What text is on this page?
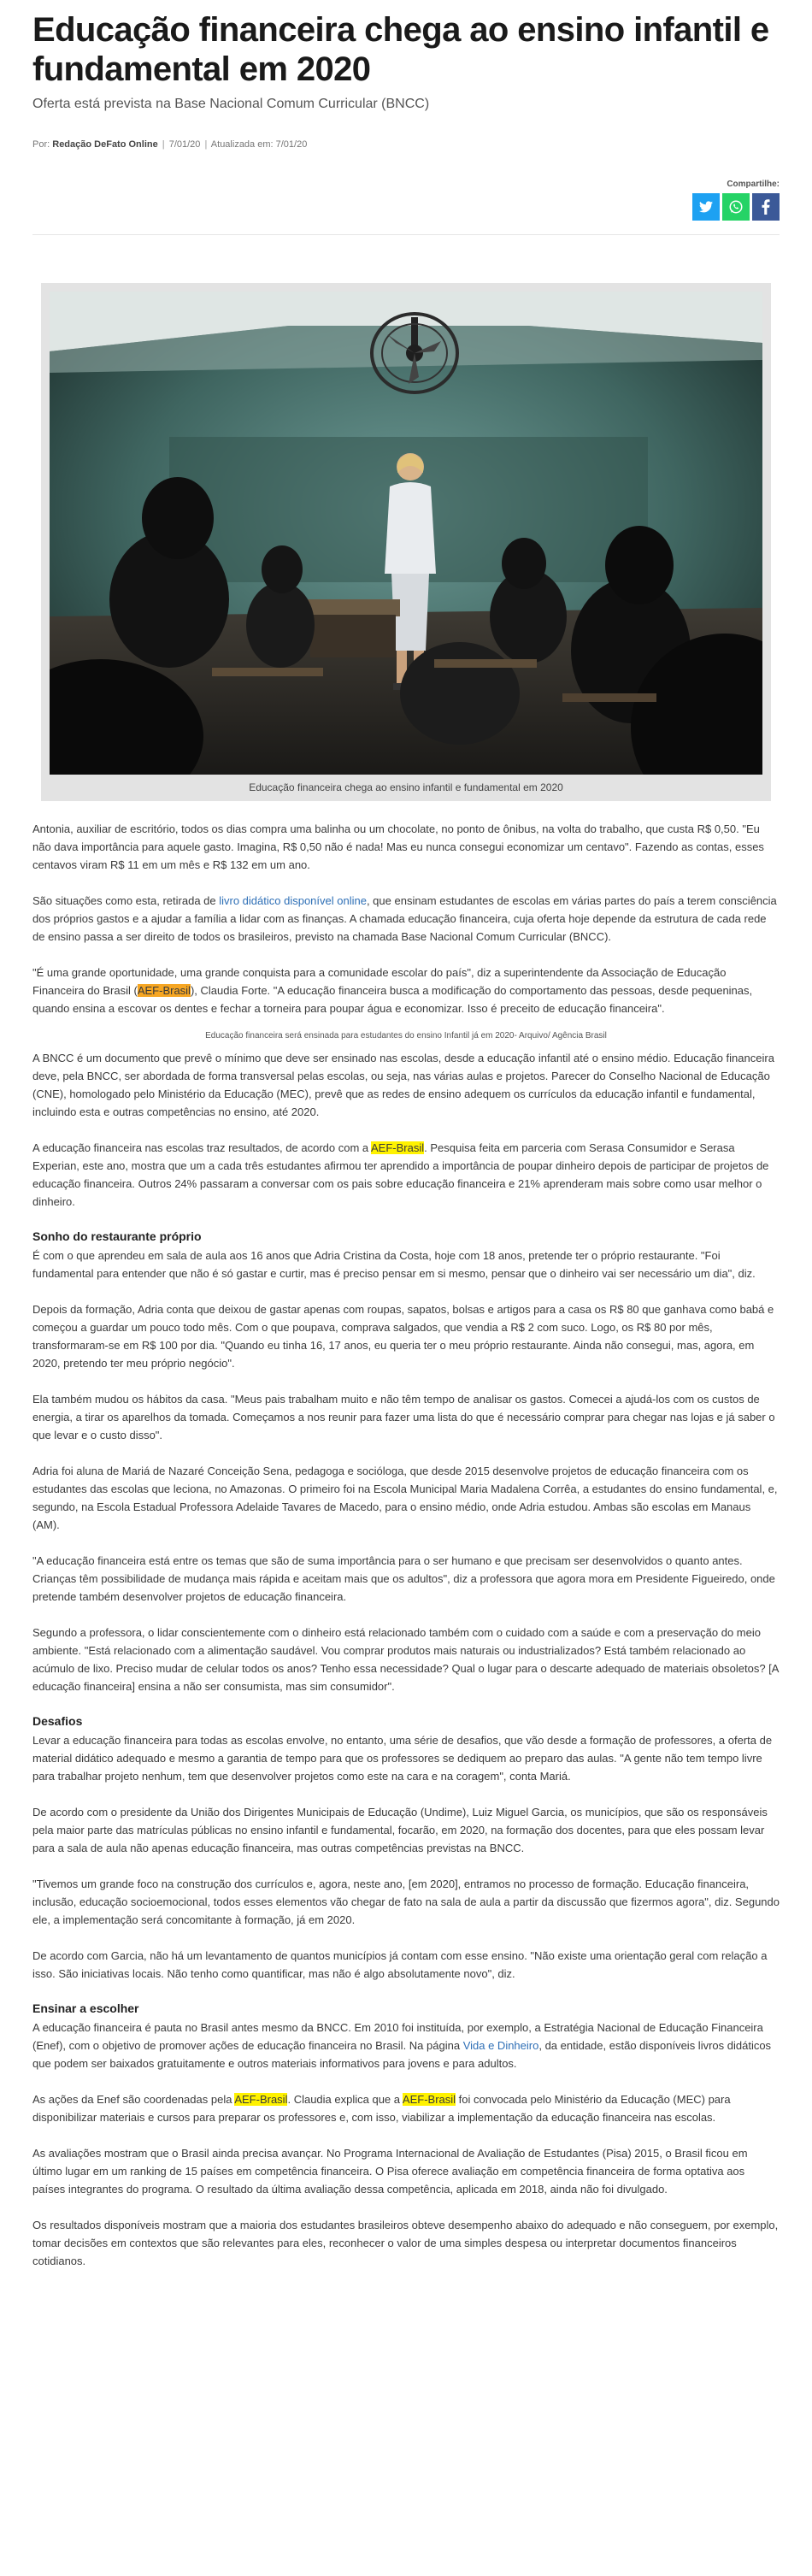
Educação financeira chega ao ensino infantil e fundamental em 2020
Oferta está prevista na Base Nacional Comum Curricular (BNCC)
Por: Redação DeFato Online | 7/01/20 | Atualizada em: 7/01/20
Compartilhe:
Educação financeira chega ao ensino infantil e fundamental em 2020

Antonia, auxiliar de escritório, todos os dias compra uma balinha ou um chocolate, no ponto de ônibus, na volta do trabalho, que custa R$ 0,50. "Eu não dava importância para aquele gasto. Imagina, R$ 0,50 não é nada! Mas eu nunca consegui economizar um centavo". Fazendo as contas, esses centavos viram R$ 11 em um mês e R$ 132 em um ano.

São situações como esta, retirada de livro didático disponível online, que ensinam estudantes de escolas em várias partes do país a terem consciência dos próprios gastos e a ajudar a família a lidar com as finanças. A chamada educação financeira, cuja oferta hoje depende da estrutura de cada rede de ensino passa a ser direito de todos os brasileiros, previsto na chamada Base Nacional Comum Curricular (BNCC).

"É uma grande oportunidade, uma grande conquista para a comunidade escolar do país", diz a superintendente da Associação de Educação Financeira do Brasil (AEF-Brasil), Claudia Forte. "A educação financeira busca a modificação do comportamento das pessoas, desde pequeninas, quando ensina a escovar os dentes e fechar a torneira para poupar água e economizar. Isso é preceito de educação financeira".

Educação financeira será ensinada para estudantes do ensino Infantil já em 2020- Arquivo/ Agência Brasil

A BNCC é um documento que prevê o mínimo que deve ser ensinado nas escolas, desde a educação infantil até o ensino médio. Educação financeira deve, pela BNCC, ser abordada de forma transversal pelas escolas, ou seja, nas várias aulas e projetos. Parecer do Conselho Nacional de Educação (CNE), homologado pelo Ministério da Educação (MEC), prevê que as redes de ensino adequem os currículos da educação infantil e fundamental, incluindo esta e outras competências no ensino, até 2020.

A educação financeira nas escolas traz resultados, de acordo com a AEF-Brasil. Pesquisa feita em parceria com Serasa Consumidor e Serasa Experian, este ano, mostra que um a cada três estudantes afirmou ter aprendido a importância de poupar dinheiro depois de participar de projetos de educação financeira. Outros 24% passaram a conversar com os pais sobre educação financeira e 21% aprenderam mais sobre como usar melhor o dinheiro.

Sonho do restaurante próprio

É com o que aprendeu em sala de aula aos 16 anos que Adria Cristina da Costa, hoje com 18 anos, pretende ter o próprio restaurante. "Foi fundamental para entender que não é só gastar e curtir, mas é preciso pensar em si mesmo, pensar que o dinheiro vai ser necessário um dia", diz.

Depois da formação, Adria conta que deixou de gastar apenas com roupas, sapatos, bolsas e artigos para a casa os R$ 80 que ganhava como babá e começou a guardar um pouco todo mês. Com o que poupava, comprava salgados, que vendia a R$ 2 com suco. Logo, os R$ 80 por mês, transformaram-se em R$ 100 por dia. "Quando eu tinha 16, 17 anos, eu queria ter o meu próprio restaurante. Ainda não consegui, mas, agora, em 2020, pretendo ter meu próprio negócio".

Ela também mudou os hábitos da casa. "Meus pais trabalham muito e não têm tempo de analisar os gastos. Comecei a ajudá-los com os custos de energia, a tirar os aparelhos da tomada. Começamos a nos reunir para fazer uma lista do que é necessário comprar para chegar nas lojas e já saber o que levar e o custo disso".

Adria foi aluna de Mariá de Nazaré Conceição Sena, pedagoga e socióloga, que desde 2015 desenvolve projetos de educação financeira com os estudantes das escolas que leciona, no Amazonas. O primeiro foi na Escola Municipal Maria Madalena Corrêa, a estudantes do ensino fundamental, e, segundo, na Escola Estadual Professora Adelaide Tavares de Macedo, para o ensino médio, onde Adria estudou. Ambas são escolas em Manaus (AM).

"A educação financeira está entre os temas que são de suma importância para o ser humano e que precisam ser desenvolvidos o quanto antes. Crianças têm possibilidade de mudança mais rápida e aceitam mais que os adultos", diz a professora que agora mora em Presidente Figueiredo, onde pretende também desenvolver projetos de educação financeira.

Segundo a professora, o lidar conscientemente com o dinheiro está relacionado também com o cuidado com a saúde e com a preservação do meio ambiente. "Está relacionado com a alimentação saudável. Vou comprar produtos mais naturais ou industrializados? Está também relacionado ao acúmulo de lixo. Preciso mudar de celular todos os anos? Tenho essa necessidade? Qual o lugar para o descarte adequado de materiais obsoletos? [A educação financeira] ensina a não ser consumista, mas sim consumidor".

Desafios

Levar a educação financeira para todas as escolas envolve, no entanto, uma série de desafios, que vão desde a formação de professores, a oferta de material didático adequado e mesmo a garantia de tempo para que os professores se dediquem ao preparo das aulas. "A gente não tem tempo livre para trabalhar projeto nenhum, tem que desenvolver projetos como este na cara e na coragem", conta Mariá.

De acordo com o presidente da União dos Dirigentes Municipais de Educação (Undime), Luiz Miguel Garcia, os municípios, que são os responsáveis pela maior parte das matrículas públicas no ensino infantil e fundamental, focarão, em 2020, na formação dos docentes, para que eles possam levar para a sala de aula não apenas educação financeira, mas outras competências previstas na BNCC.

"Tivemos um grande foco na construção dos currículos e, agora, neste ano, [em 2020], entramos no processo de formação. Educação financeira, inclusão, educação socioemocional, todos esses elementos vão chegar de fato na sala de aula a partir da discussão que fizermos agora", diz. Segundo ele, a implementação será concomitante à formação, já em 2020.

De acordo com Garcia, não há um levantamento de quantos municípios já contam com esse ensino. "Não existe uma orientação geral com relação a isso. São iniciativas locais. Não tenho como quantificar, mas não é algo absolutamente novo", diz.

Ensinar a escolher

A educação financeira é pauta no Brasil antes mesmo da BNCC. Em 2010 foi instituída, por exemplo, a Estratégia Nacional de Educação Financeira (Enef), com o objetivo de promover ações de educação financeira no Brasil. Na página Vida e Dinheiro, da entidade, estão disponíveis livros didáticos que podem ser baixados gratuitamente e outros materiais informativos para jovens e para adultos.

As ações da Enef são coordenadas pela AEF-Brasil. Claudia explica que a AEF-Brasil foi convocada pelo Ministério da Educação (MEC) para disponibilizar materiais e cursos para preparar os professores e, com isso, viabilizar a implementação da educação financeira nas escolas.

As avaliações mostram que o Brasil ainda precisa avançar. No Programa Internacional de Avaliação de Estudantes (Pisa) 2015, o Brasil ficou em último lugar em um ranking de 15 países em competência financeira. O Pisa oferece avaliação em competência financeira de forma optativa aos países integrantes do programa. O resultado da última avaliação dessa competência, aplicada em 2018, ainda não foi divulgado.

Os resultados disponíveis mostram que a maioria dos estudantes brasileiros obteve desempenho abaixo do adequado e não conseguem, por exemplo, tomar decisões em contextos que são relevantes para eles, reconhecer o valor de uma simples despesa ou interpretar documentos financeiros cotidianos.
